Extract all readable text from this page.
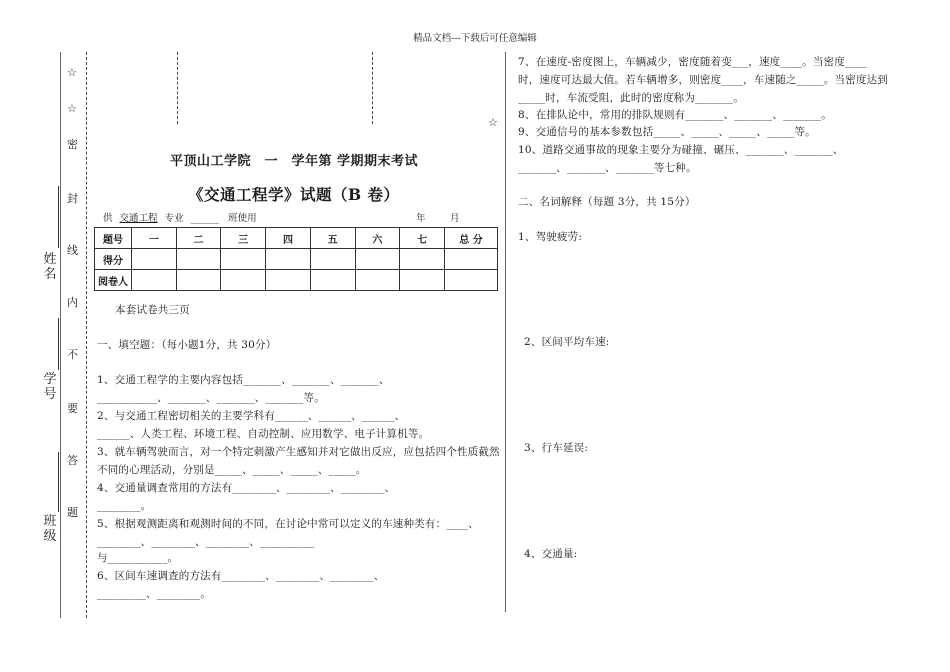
精品文档---下载后可任意编辑
☆
☆
密
封
线
内
不
要
答
题
姓
名
学
号
班
级
☆
平顶山工学院　一　学年第 学期期末考试
《交通工程学》试题（B 卷）
供 交通工程 专业 ______ 班使用	年	月
题号	一	二	三	四	五	六	七	总 分
得分								
阅卷人								
本套试卷共三页
一、填空题：（每小题1分，共 30分）
1、交通工程学的主要内容包括_______、_______、_______、
___________、_______、_______、_______等。
2、与交通工程密切相关的主要学科有______、______、______、
______、人类工程、环境工程、自动控制、应用数学、电子计算机等。
3、就车辆驾驶而言，对一个特定刺激产生感知并对它做出反应，应包括四个性质截然
不同的心理活动，分别是_____、_____、_____、_____。
4、交通量调查常用的方法有________、________、________、
________。
5、根据观测距离和观测时间的不同，在讨论中常可以定义的车速种类有：____、
________、________、________、__________
与___________。
6、区间车速调查的方法有________、________、________、
_________、________。
7、在速度-密度图上，车辆减少，密度随着变___，速度____。当密度____
时，速度可达最大值。若车辆增多，则密度____，车速随之_____。当密度达到
_____时，车流受阻，此时的密度称为_______。
8、在排队论中，常用的排队规则有_______、_______、_______。
9、交通信号的基本参数包括_____、_____、_____、_____等。
10、道路交通事故的现象主要分为碰撞、碾压、_______、_______、
_______、_______、_______等七种。
二、名词解释（每题 3分，共 15分）
1、驾驶疲劳:
2、区间平均车速:
3、行车延误:
4、交通量:
